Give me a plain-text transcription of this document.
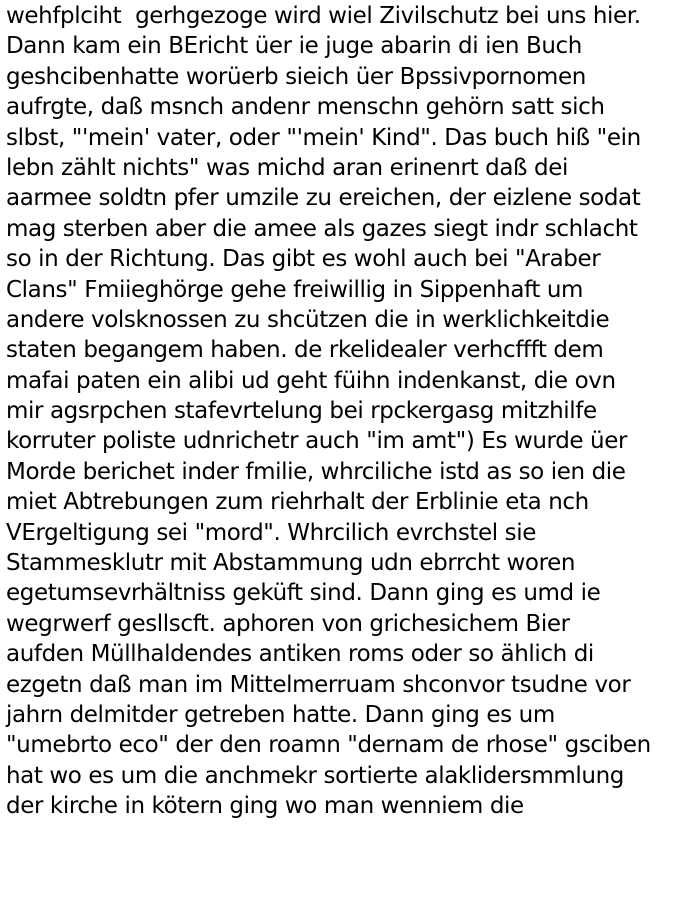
wehfplciht  gerhgezoge wird wiel Zivilschutz bei uns hier.
Dann kam ein BEricht üer ie juge abarin di ien Buch
geshcibenhatte worüerb sieich üer Bpssivpornomen
aufrgte, daß msnch andenr menschn gehörn satt sich
slbst, "'mein' vater, oder "'mein' Kind". Das buch hiß "ein
lebn zählt nichts" was michd aran erinenrt daß dei
aarmee soldtn pfer umzile zu ereichen, der eizlene sodat
mag sterben aber die amee als gazes siegt indr schlacht
so in der Richtung. Das gibt es wohl auch bei "Araber
Clans" Fmiieghörge gehe freiwillig in Sippenhaft um
andere volsknossen zu shcützen die in werklichkeitdie
staten begangem haben. de rkelidealer verhcffft dem
mafai paten ein alibi ud geht füihn indenkanst, die ovn
mir agsrpchen stafevrtelung bei rpckergasg mitzhilfe
korruter poliste udnrichetr auch "im amt") Es wurde üer
Morde berichet inder fmilie, whrciliche istd as so ien die
miet Abtrebungen zum riehrhalt der Erblinie eta nch
VErgeltigung sei "mord". Whrcilich evrchstel sie
Stammesklutr mit Abstammung udn ebrrcht woren
egetumsevrhältniss geküft sind. Dann ging es umd ie
wegrwerf gesllscft. aphoren von grichesichem Bier
aufden Müllhaldendes antiken roms oder so ählich di
ezgetn daß man im Mittelmerruam shconvor tsudne vor
jahrn delmitder getreben hatte. Dann ging es um
"umebrto eco" der den roamn "dernam de rhose" gsciben
hat wo es um die anchmekr sortierte alaklidersmmlung
der kirche in kötern ging wo man wenniem die
